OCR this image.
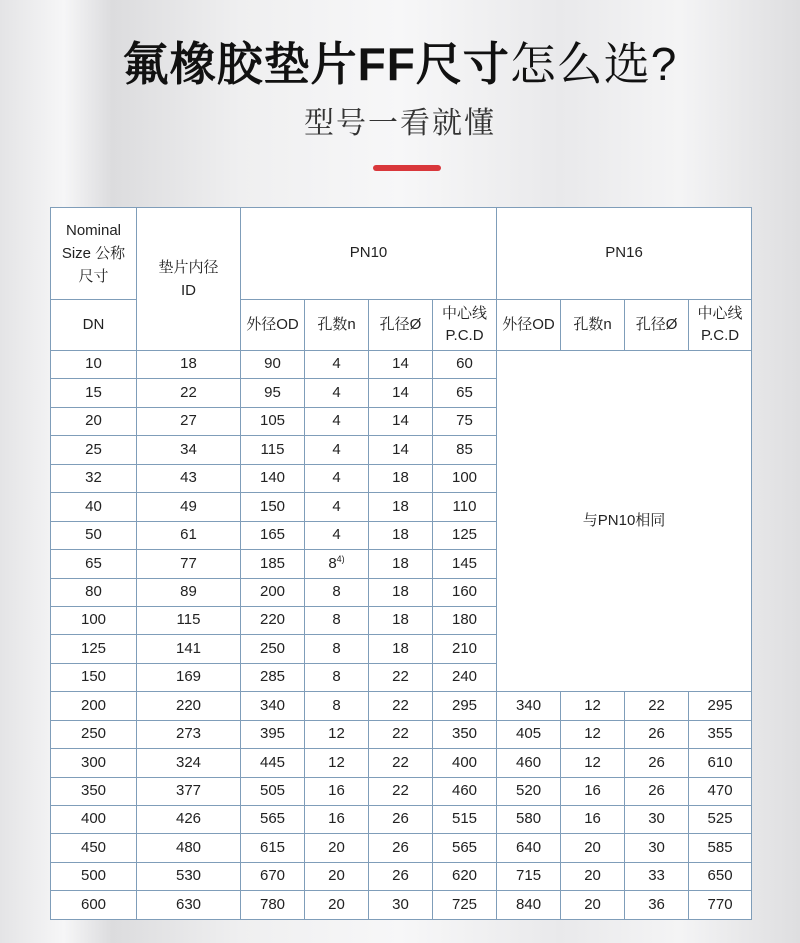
氟橡胶垫片FF尺寸怎么选?
型号一看就懂
Nominal Size 公称尺寸	垫片内径 ID	PN10				PN16			
DN		外径OD	孔数n	孔径Ø	中心线 P.C.D	外径OD	孔数n	孔径Ø	中心线 P.C.D
10	18	90	4	14	60	与PN10相同			
15	22	95	4	14	65				
20	27	105	4	14	75				
25	34	115	4	14	85				
32	43	140	4	18	100				
40	49	150	4	18	110				
50	61	165	4	18	125				
65	77	185	8$^{4)}$	18	145				
80	89	200	8	18	160				
100	115	220	8	18	180				
125	141	250	8	18	210				
150	169	285	8	22	240				
200	220	340	8	22	295	340	12	22	295
250	273	395	12	22	350	405	12	26	355
300	324	445	12	22	400	460	12	26	610
350	377	505	16	22	460	520	16	26	470
400	426	565	16	26	515	580	16	30	525
450	480	615	20	26	565	640	20	30	585
500	530	670	20	26	620	715	20	33	650
600	630	780	20	30	725	840	20	36	770
